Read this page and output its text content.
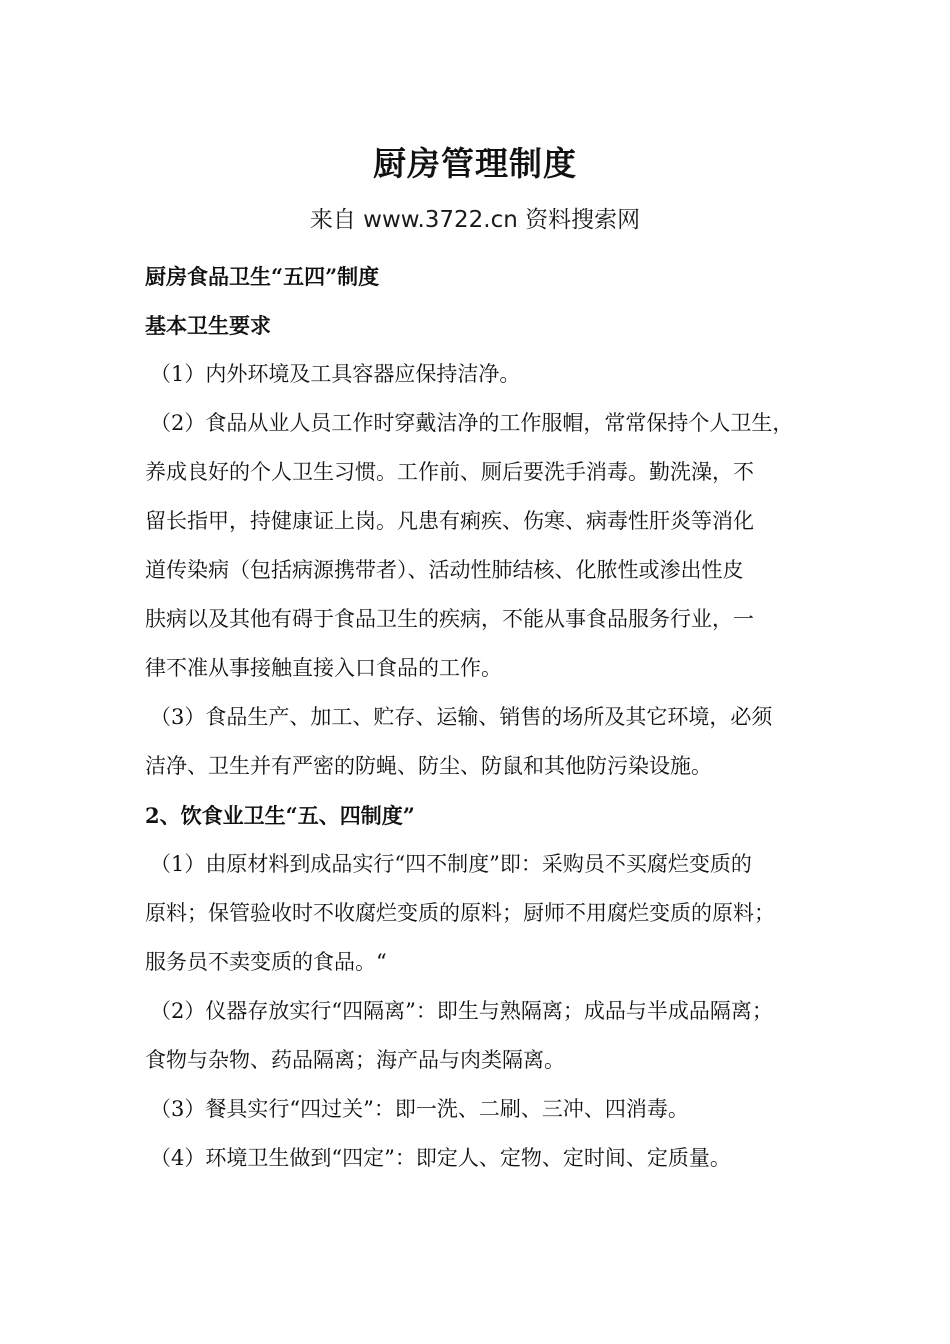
厨房管理制度
来自 www.3722.cn 资料搜索网
厨房食品卫生“五四”制度
基本卫生要求
（1）内外环境及工具容器应保持洁净。
（2）食品从业人员工作时穿戴洁净的工作服帽，常常保持个人卫生，
养成良好的个人卫生习惯。工作前、厕后要洗手消毒。勤洗澡，不
留长指甲，持健康证上岗。凡患有痢疾、伤寒、病毒性肝炎等消化
道传染病（包括病源携带者）、活动性肺结核、化脓性或渗出性皮
肤病以及其他有碍于食品卫生的疾病，不能从事食品服务行业，一
律不准从事接触直接入口食品的工作。
（3）食品生产、加工、贮存、运输、销售的场所及其它环境，必须
洁净、卫生并有严密的防蝇、防尘、防鼠和其他防污染设施。
2、饮食业卫生“五、四制度”
（1）由原材料到成品实行“四不制度”即：采购员不买腐烂变质的
原料；保管验收时不收腐烂变质的原料；厨师不用腐烂变质的原料；
服务员不卖变质的食品。“
（2）仪器存放实行“四隔离”：即生与熟隔离；成品与半成品隔离；
食物与杂物、药品隔离；海产品与肉类隔离。
（3）餐具实行“四过关”：即一洗、二刷、三冲、四消毒。
（4）环境卫生做到“四定”：即定人、定物、定时间、定质量。
